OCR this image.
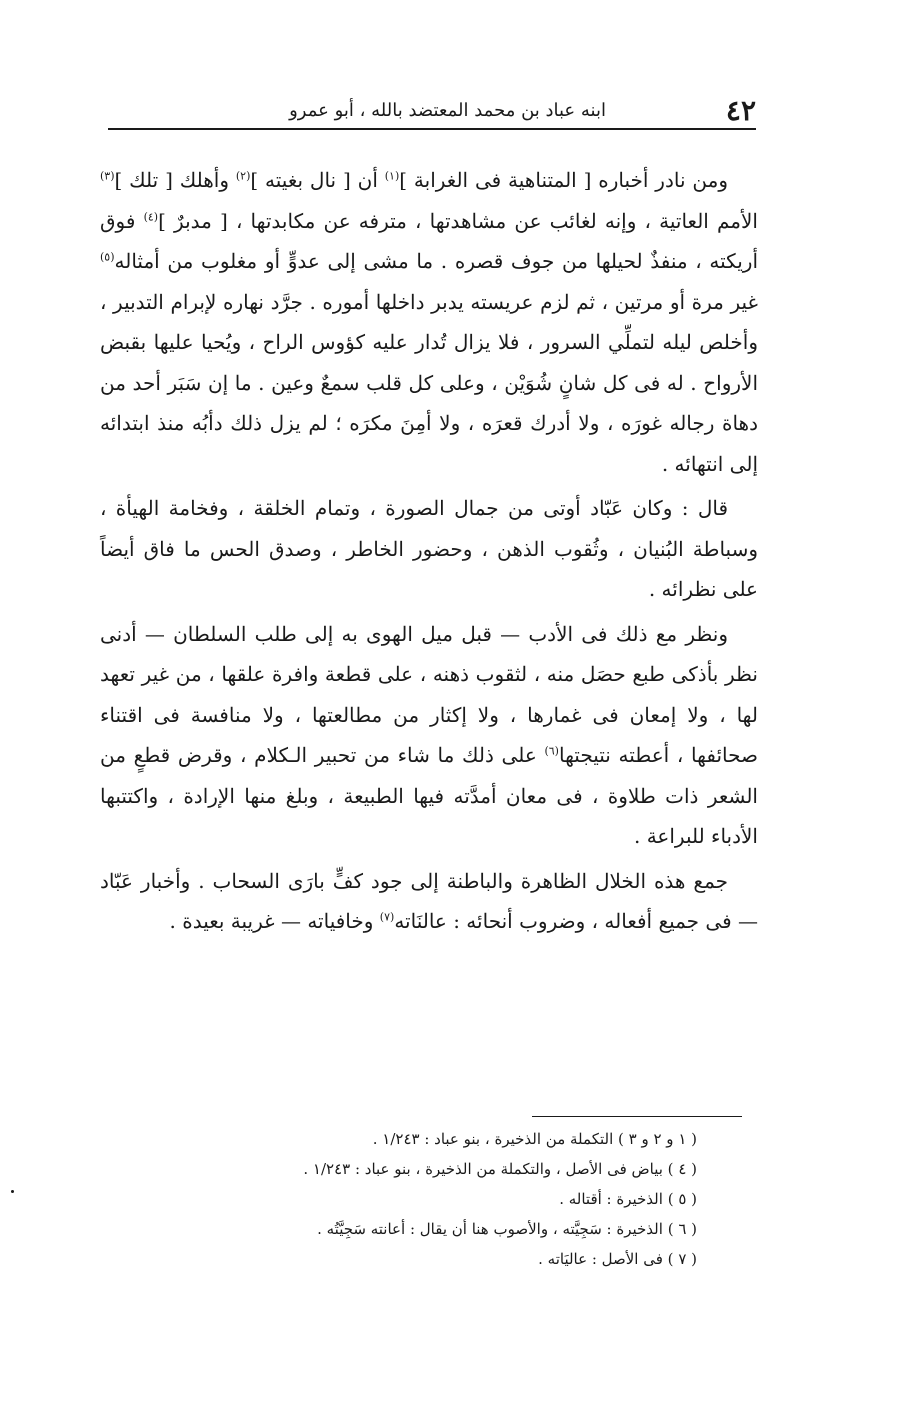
٤٢
ابنه عباد بن محمد المعتضد بالله ، أبو عمرو

ومن نادر أخباره [ المتناهية فى الغرابة ]$^{(١)}$ أن [ نال بغيته ]$^{(٢)}$ وأهلك [ تلك ]$^{(٣)}$ الأمم العاتية ، وإنه لغائب عن مشاهدتها ، مترفه عن مكابدتها ، [ مدبرٌ ]$^{(٤)}$ فوق أريكته ، منفذٌ لحيلها من جوف قصره . ما مشى إلى عدوٍّ أو مغلوب من أمثاله$^{(٥)}$ غير مرة أو مرتين ، ثم لزم عريسته يدبر داخلها أموره . جرَّد نهاره لإبرام التدبير ، وأخلص ليله لتملِّي السرور ، فلا يزال تُدار عليه كؤوس الراح ، ويُحيا عليها بقبض الأرواح . له فى كل شانٍ شُوَيْن ، وعلى كل قلب سمعٌ وعين . ما إن سَبَر أحد من دهاة رجاله غورَه ، ولا أدرك قعرَه ، ولا أمِنَ مكرَه ؛ لم يزل ذلك دأبُه منذ ابتدائه إلى انتهائه .

قال : وكان عَبّاد أوتى من جمال الصورة ، وتمام الخلقة ، وفخامة الهيأة ، وسباطة البُنيان ، وثُقوب الذهن ، وحضور الخاطر ، وصدق الحس ما فاق أيضاً على نظرائه .

ونظر مع ذلك فى الأدب — قبل ميل الهوى به إلى طلب السلطان — أدنى نظر بأذكى طبع حصَل منه ، لثقوب ذهنه ، على قطعة وافرة علقها ، من غير تعهد لها ، ولا إمعان فى غمارها ، ولا إكثار من مطالعتها ، ولا منافسة فى اقتناء صحائفها ، أعطته نتيجتها$^{(٦)}$ على ذلك ما شاء من تحبير الـكلام ، وقرض قطعٍ من الشعر ذات طلاوة ، فى معان أمدَّته فيها الطبيعة ، وبلغ منها الإرادة ، واكتتبها الأدباء للبراعة .

جمع هذه الخلال الظاهرة والباطنة إلى جود كفٍّ بارَى السحاب . وأخبار عَبّاد — فى جميع أفعاله ، وضروب أنحائه : عالنَاته$^{(٧)}$ وخافياته — غريبة بعيدة .

( ١ و ٢ و ٣ ) التكملة من الذخيرة ، بنو عباد : ١/٢٤٣ .
( ٤ ) بياض فى الأصل ، والتكملة من الذخيرة ، بنو عباد : ١/٢٤٣ .
( ٥ ) الذخيرة : أقتاله .
( ٦ ) الذخيرة : سَجِيَّته ، والأصوب هنا أن يقال : أعانته سَجِيَّتُه .
( ٧ ) فى الأصل : عاليَاته .
